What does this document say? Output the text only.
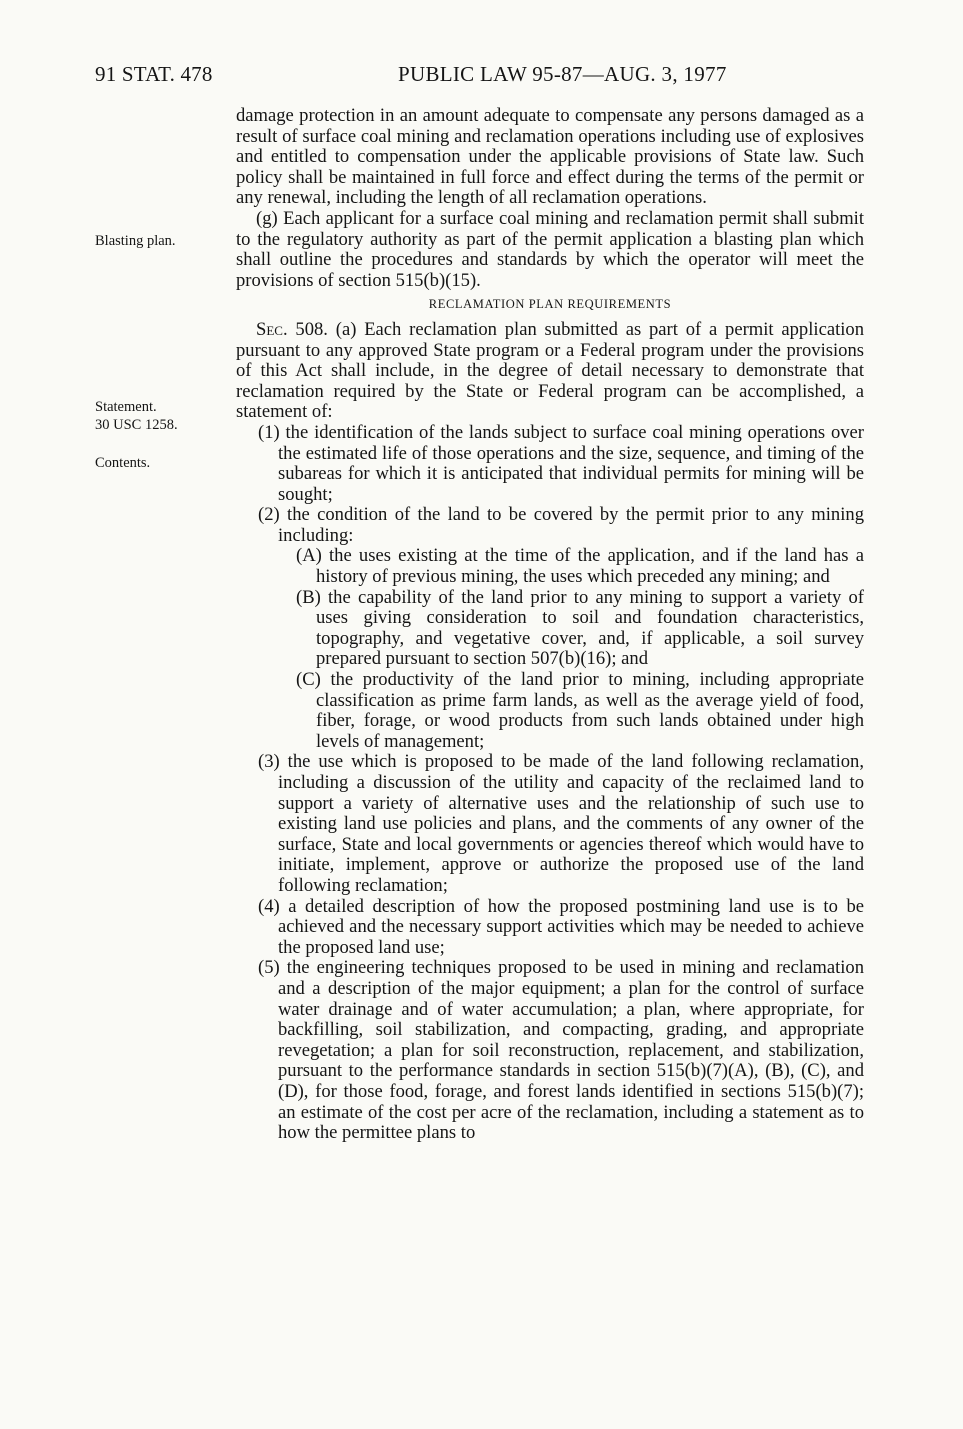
91 STAT. 478	PUBLIC LAW 95-87—AUG. 3, 1977
Blasting plan.
Statement.
30 USC 1258.
Contents.

damage protection in an amount adequate to compensate any persons damaged as a result of surface coal mining and reclamation operations including use of explosives and entitled to compensation under the applicable provisions of State law. Such policy shall be maintained in full force and effect during the terms of the permit or any renewal, including the length of all reclamation operations.

(g) Each applicant for a surface coal mining and reclamation permit shall submit to the regulatory authority as part of the permit application a blasting plan which shall outline the procedures and standards by which the operator will meet the provisions of section 515(b)(15).

RECLAMATION PLAN REQUIREMENTS

Sec. 508. (a) Each reclamation plan submitted as part of a permit application pursuant to any approved State program or a Federal program under the provisions of this Act shall include, in the degree of detail necessary to demonstrate that reclamation required by the State or Federal program can be accomplished, a statement of:

(1) the identification of the lands subject to surface coal mining operations over the estimated life of those operations and the size, sequence, and timing of the subareas for which it is anticipated that individual permits for mining will be sought;

(2) the condition of the land to be covered by the permit prior to any mining including:

(A) the uses existing at the time of the application, and if the land has a history of previous mining, the uses which preceded any mining; and

(B) the capability of the land prior to any mining to support a variety of uses giving consideration to soil and foundation characteristics, topography, and vegetative cover, and, if applicable, a soil survey prepared pursuant to section 507(b)(16); and

(C) the productivity of the land prior to mining, including appropriate classification as prime farm lands, as well as the average yield of food, fiber, forage, or wood products from such lands obtained under high levels of management;

(3) the use which is proposed to be made of the land following reclamation, including a discussion of the utility and capacity of the reclaimed land to support a variety of alternative uses and the relationship of such use to existing land use policies and plans, and the comments of any owner of the surface, State and local governments or agencies thereof which would have to initiate, implement, approve or authorize the proposed use of the land following reclamation;

(4) a detailed description of how the proposed postmining land use is to be achieved and the necessary support activities which may be needed to achieve the proposed land use;

(5) the engineering techniques proposed to be used in mining and reclamation and a description of the major equipment; a plan for the control of surface water drainage and of water accumulation; a plan, where appropriate, for backfilling, soil stabilization, and compacting, grading, and appropriate revegetation; a plan for soil reconstruction, replacement, and stabilization, pursuant to the performance standards in section 515(b)(7)(A), (B), (C), and (D), for those food, forage, and forest lands identified in sections 515(b)(7); an estimate of the cost per acre of the reclamation, including a statement as to how the permittee plans to
